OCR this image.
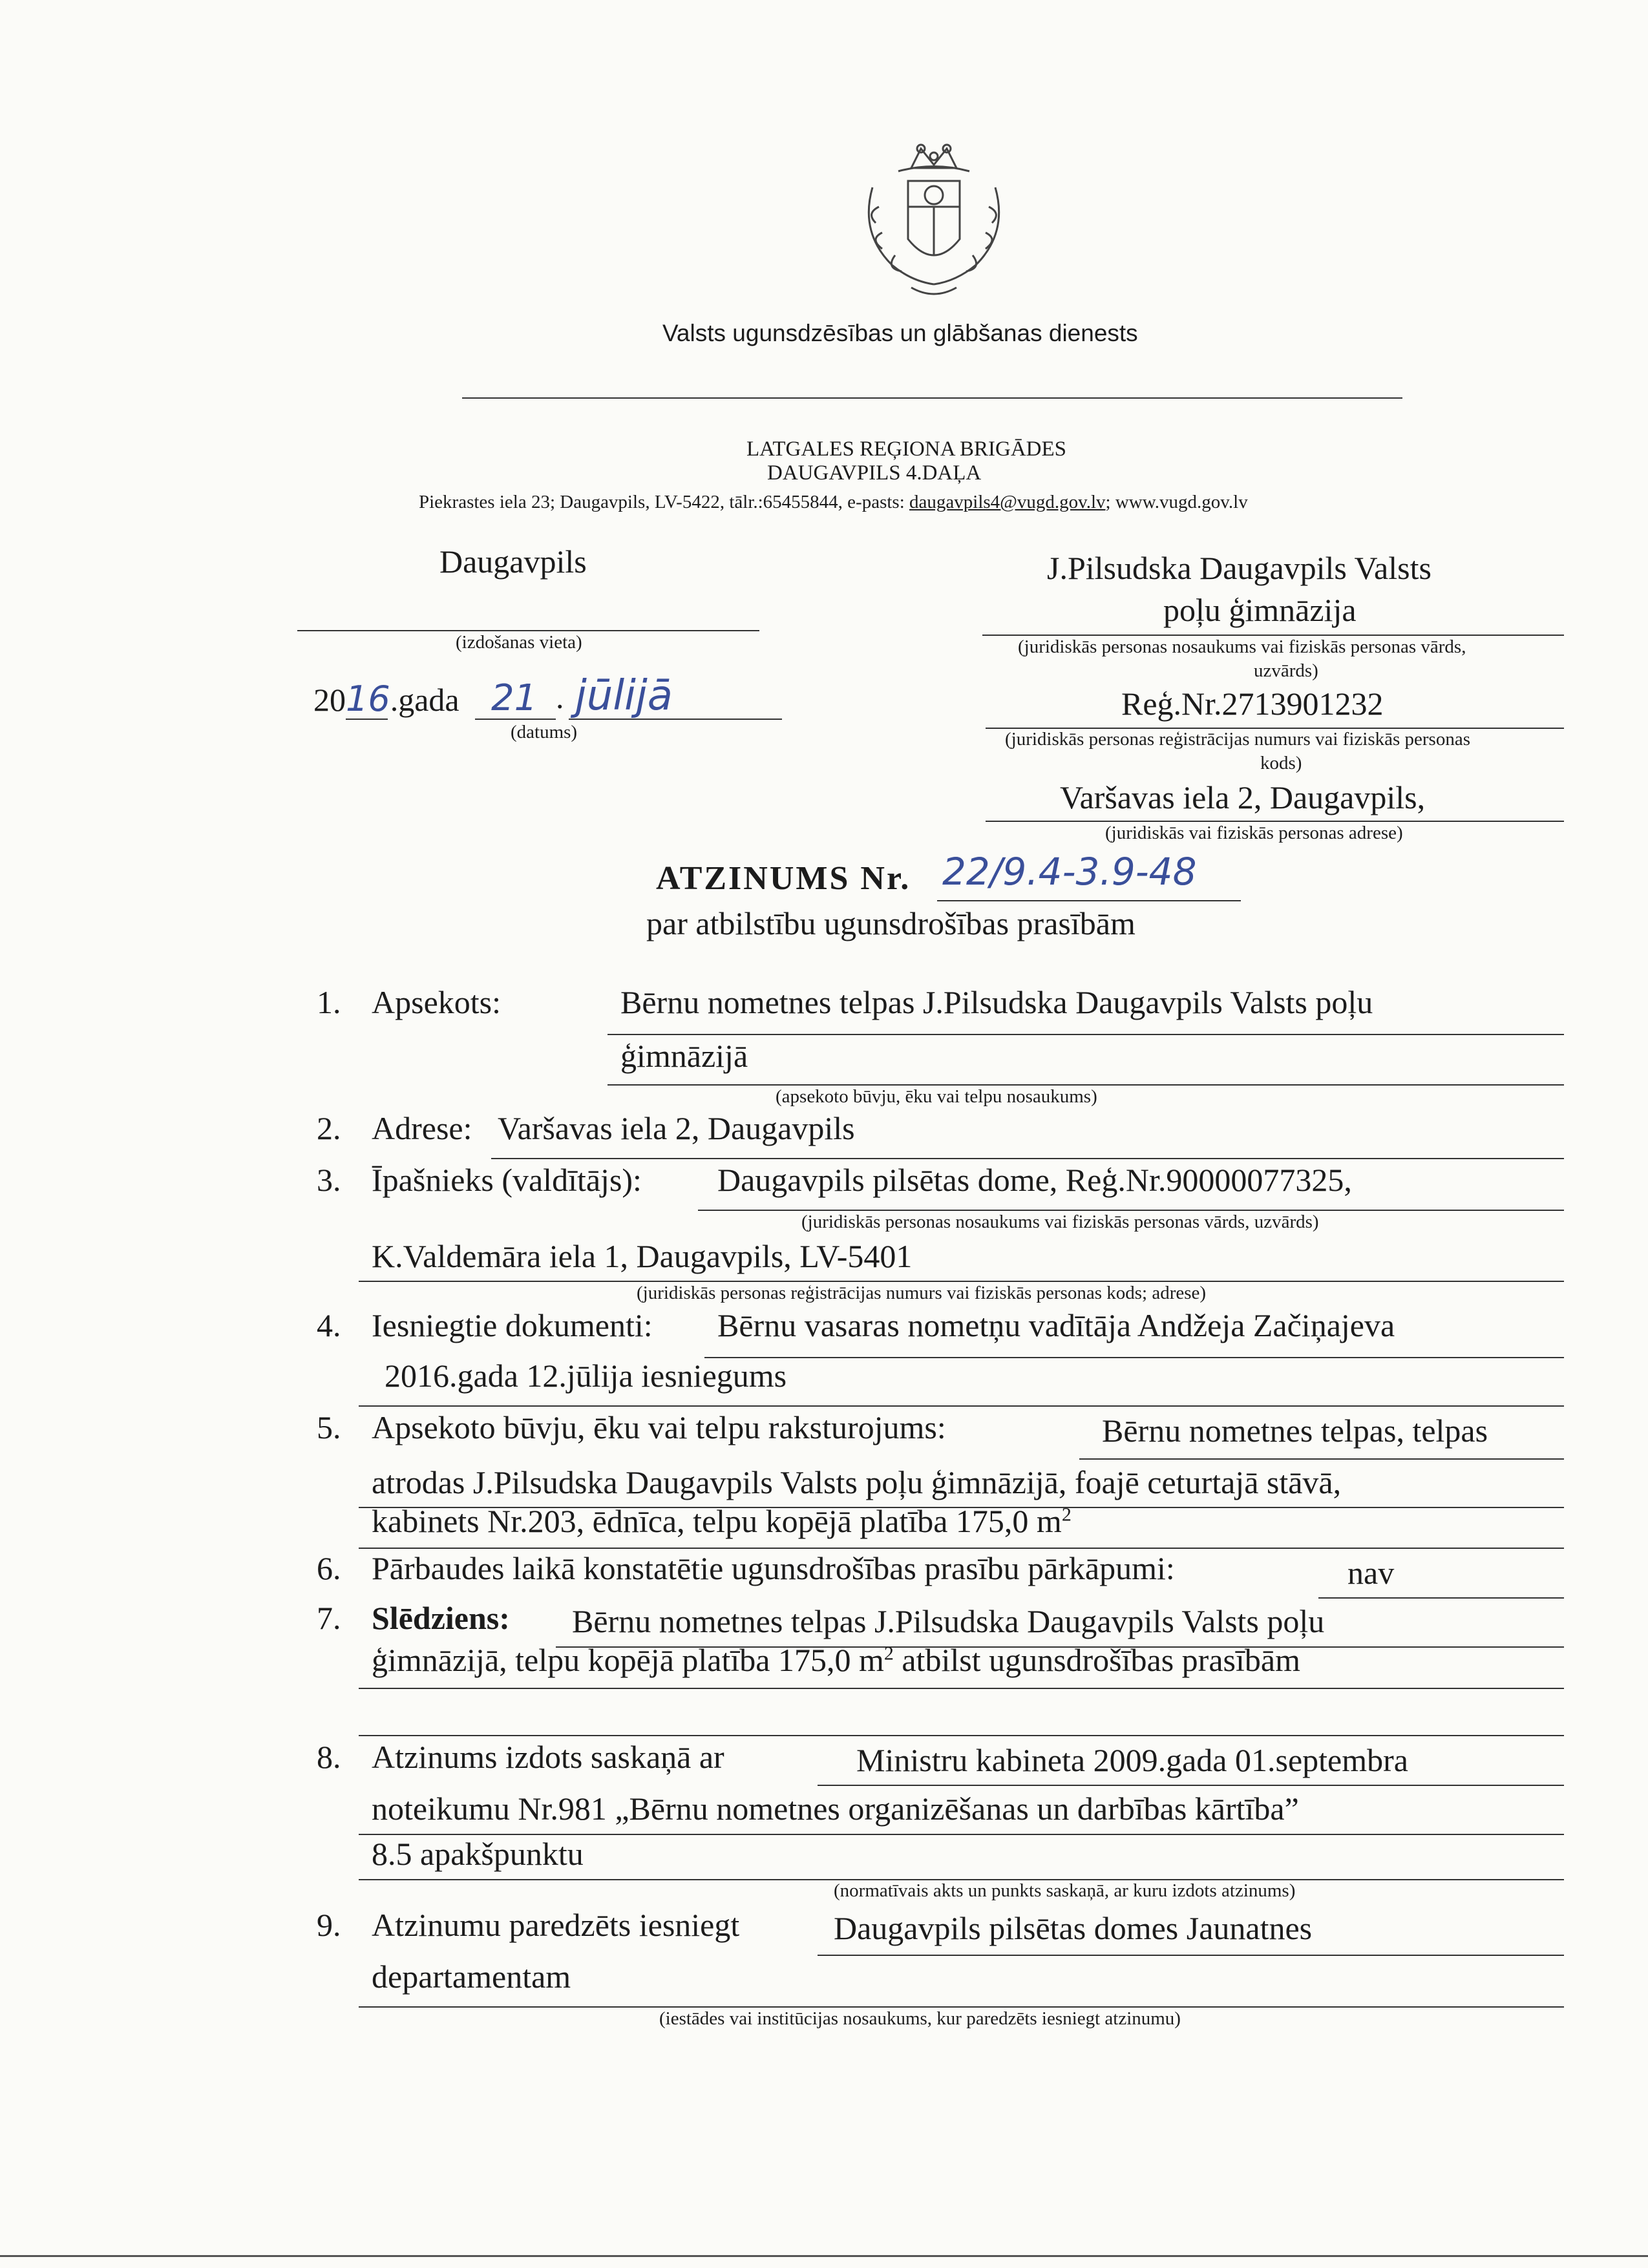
Valsts ugunsdzēsības un glābšanas dienests
LATGALES REĢIONA BRIGĀDES
DAUGAVPILS 4.DAĻA
Piekrastes iela 23; Daugavpils, LV-5422, tālr.:65455844, e-pasts: daugavpils4@vugd.gov.lv; www.vugd.gov.lv
Daugavpils
(izdošanas vieta)
2016.gada 21 . jūlijā
(datums)
J.Pilsudska Daugavpils Valsts
poļu ģimnāzija
(juridiskās personas nosaukums vai fiziskās personas vārds,
uzvārds)
Reģ.Nr.2713901232
(juridiskās personas reģistrācijas numurs vai fiziskās personas
kods)
Varšavas iela 2, Daugavpils,
(juridiskās vai fiziskās personas adrese)
ATZINUMS Nr. 22/9.4-3.9-48
par atbilstību ugunsdrošības prasībām
1. Apsekots:	Bērnu nometnes telpas J.Pilsudska Daugavpils Valsts poļu
ģimnāzijā
(apsekoto būvju, ēku vai telpu nosaukums)
2. Adrese: Varšavas iela 2, Daugavpils
3. Īpašnieks (valdītājs): Daugavpils pilsētas dome, Reģ.Nr.90000077325,
(juridiskās personas nosaukums vai fiziskās personas vārds, uzvārds)
K.Valdemāra iela 1, Daugavpils, LV-5401
(juridiskās personas reģistrācijas numurs vai fiziskās personas kods; adrese)
4. Iesniegtie dokumenti: Bērnu vasaras nometņu vadītāja Andžeja Začiņajeva
2016.gada 12.jūlija iesniegums
5. Apsekoto būvju, ēku vai telpu raksturojums:	Bērnu nometnes telpas, telpas
atrodas J.Pilsudska Daugavpils Valsts poļu ģimnāzijā, foajē ceturtajā stāvā,
kabinets Nr.203, ēdnīca, telpu kopējā platība 175,0 $m^2$
6. Pārbaudes laikā konstatētie ugunsdrošības prasību pārkāpumi:	nav
7. Slēdziens: Bērnu nometnes telpas J.Pilsudska Daugavpils Valsts poļu
ģimnāzijā, telpu kopējā platība 175,0 $m^2$ atbilst ugunsdrošības prasībām
8. Atzinums izdots saskaņā ar	Ministru kabineta 2009.gada 01.septembra
noteikumu Nr.981 „Bērnu nometnes organizēšanas un darbības kārtība”
8.5 apakšpunktu
(normatīvais akts un punkts saskaņā, ar kuru izdots atzinums)
9. Atzinumu paredzēts iesniegt	Daugavpils pilsētas domes Jaunatnes
departamentam
(iestādes vai institūcijas nosaukums, kur paredzēts iesniegt atzinumu)
